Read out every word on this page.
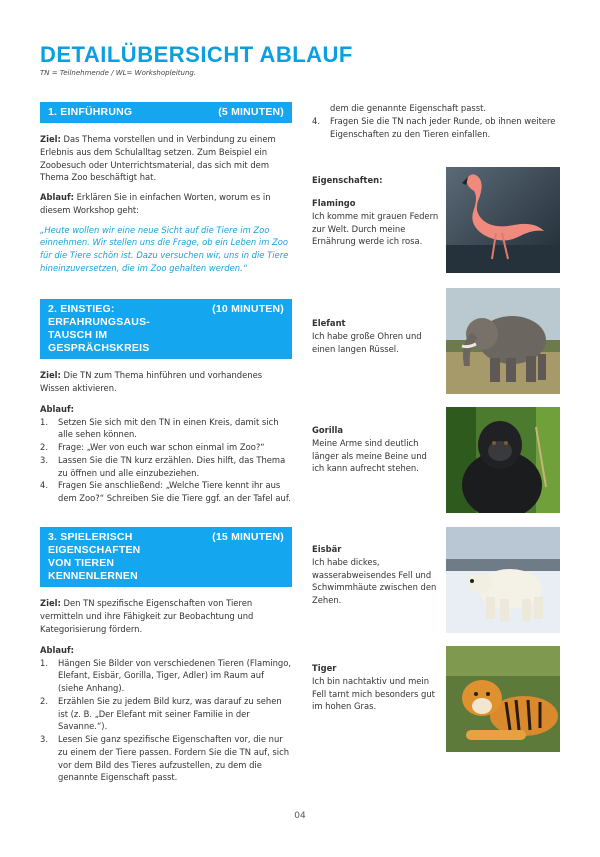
DETAILÜBERSICHT ABLAUF
TN = Teilnehmende / WL= Workshopleitung.
1. EINFÜHRUNG	(5 MINUTEN)

Ziel: Das Thema vorstellen und in Verbindung zu einem Erlebnis aus dem Schulalltag setzen. Zum Beispiel ein Zoobesuch oder Unterrichtsmaterial, das sich mit dem Thema Zoo beschäftigt hat.

Ablauf: Erklären Sie in einfachen Worten, worum es in diesem Workshop geht:

„Heute wollen wir eine neue Sicht auf die Tiere im Zoo einnehmen. Wir stellen uns die Frage, ob ein Leben im Zoo für die Tiere schön ist. Dazu versuchen wir, uns in die Tiere hineinzuversetzen, die im Zoo gehalten werden.“

2. EINSTIEG: ERFAHRUNGSAUS-
TAUSCH IM GESPRÄCHSKREIS
(10 MINUTEN)

Ziel: Die TN zum Thema hinführen und vorhandenes Wissen aktivieren.

Ablauf:

1. Setzen Sie sich mit den TN in einen Kreis, damit sich alle sehen können.
2. Frage: „Wer von euch war schon einmal im Zoo?“
3. Lassen Sie die TN kurz erzählen. Dies hilft, das Thema zu öffnen und alle einzubeziehen.
4. Fragen Sie anschließend: „Welche Tiere kennt ihr aus dem Zoo?“ Schreiben Sie die Tiere ggf. an der Tafel auf.
3. SPIELERISCH EIGENSCHAFTEN
VON TIEREN KENNENLERNEN
(15 MINUTEN)

Ziel: Den TN spezifische Eigenschaften von Tieren vermitteln und ihre Fähigkeit zur Beobachtung und Kategorisierung fördern.

Ablauf:

1. Hängen Sie Bilder von verschiedenen Tieren (Flamingo, Elefant, Eisbär, Gorilla, Tiger, Adler) im Raum auf (siehe Anhang).
2. Erzählen Sie zu jedem Bild kurz, was darauf zu sehen ist (z. B. „Der Elefant mit seiner Familie in der Savanne.“).
3. Lesen Sie ganz spezifische Eigenschaften vor, die nur zu einem der Tiere passen. Fordern Sie die TN auf, sich vor dem Bild des Tieres aufzustellen, zu dem die genannte Eigenschaft passt.
dem die genannte Eigenschaft passt.
4. Fragen Sie die TN nach jeder Runde, ob ihnen weitere Eigenschaften zu den Tieren einfallen.

Eigenschaften:

Flamingo
Ich komme mit grauen Federn zur Welt. Durch meine Ernährung werde ich rosa.
Elefant
Ich habe große Ohren und einen langen Rüssel.
Gorilla
Meine Arme sind deutlich länger als meine Beine und ich kann aufrecht stehen.
Eisbär
Ich habe dickes, wasserabweisendes Fell und Schwimmhäute zwischen den Zehen.
Tiger
Ich bin nachtaktiv und mein Fell tarnt mich besonders gut im hohen Gras.
04
